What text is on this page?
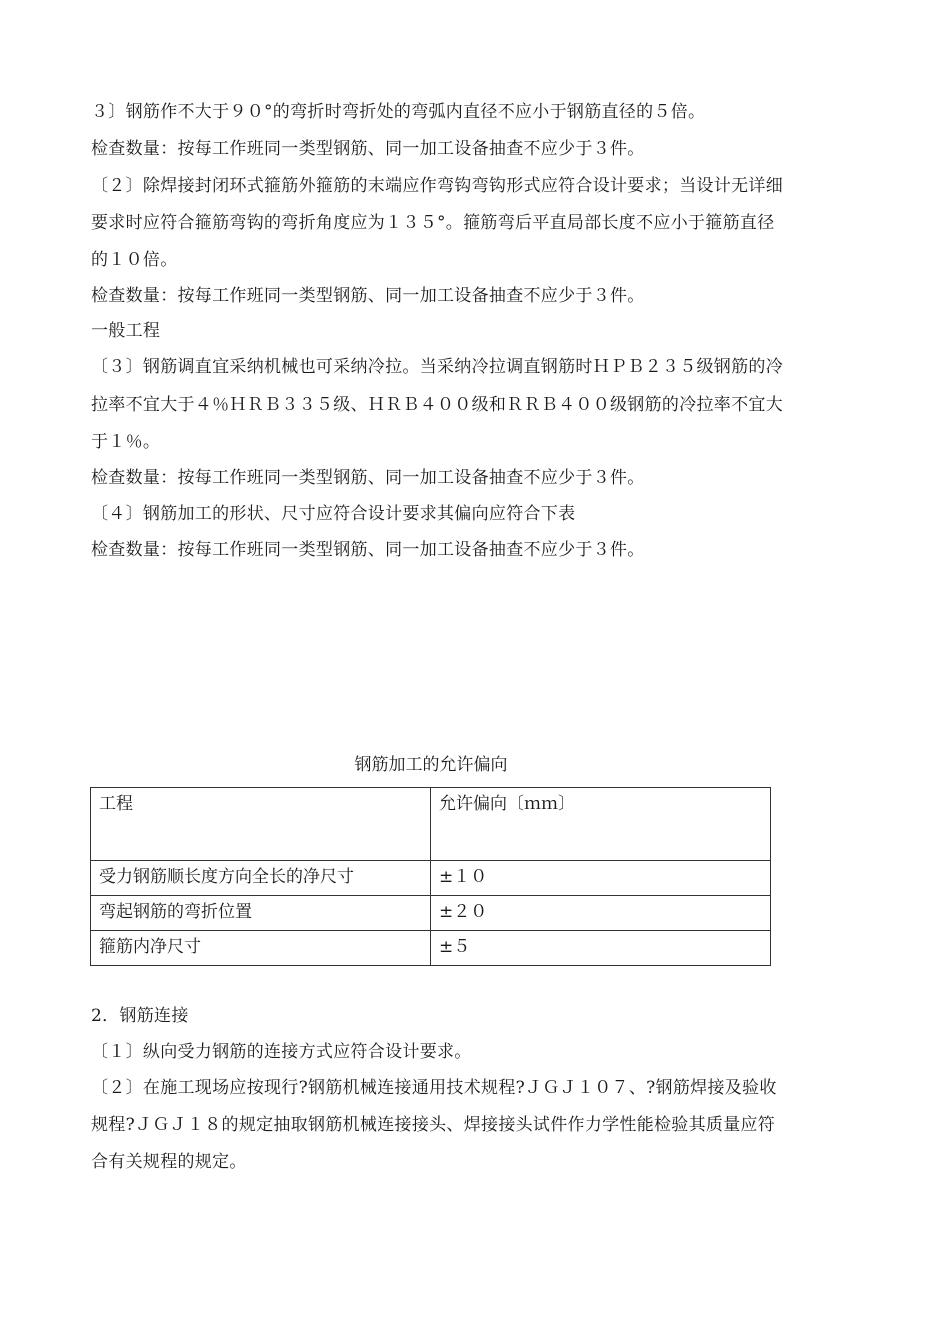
３〕钢筋作不大于９０°的弯折时弯折处的弯弧内直径不应小于钢筋直径的５倍。
检查数量：按每工作班同一类型钢筋、同一加工设备抽查不应少于３件。
〔２〕除焊接封闭环式箍筋外箍筋的末端应作弯钩弯钩形式应符合设计要求；当设计无详细
要求时应符合箍筋弯钩的弯折角度应为１３５°。箍筋弯后平直局部长度不应小于箍筋直径
的１０倍。
检查数量：按每工作班同一类型钢筋、同一加工设备抽查不应少于３件。
一般工程
〔３〕钢筋调直宜采纳机械也可采纳冷拉。当采纳冷拉调直钢筋时ＨＰＢ２３５级钢筋的冷
拉率不宜大于４％ＨＲＢ３３５级、ＨＲＢ４００级和ＲＲＢ４００级钢筋的冷拉率不宜大
于１％。
检查数量：按每工作班同一类型钢筋、同一加工设备抽查不应少于３件。
〔４〕钢筋加工的形状、尺寸应符合设计要求其偏向应符合下表
检查数量：按每工作班同一类型钢筋、同一加工设备抽查不应少于３件。
钢筋加工的允许偏向
工程	允许偏向〔ｍｍ〕
受力钢筋顺长度方向全长的净尺寸	±１０
弯起钢筋的弯折位置	±２０
箍筋内净尺寸	±５
2．钢筋连接
〔１〕纵向受力钢筋的连接方式应符合设计要求。
〔２〕在施工现场应按现行?钢筋机械连接通用技术规程?ＪＧＪ１０７、?钢筋焊接及验收
规程?ＪＧＪ１８的规定抽取钢筋机械连接接头、焊接接头试件作力学性能检验其质量应符
合有关规程的规定。
